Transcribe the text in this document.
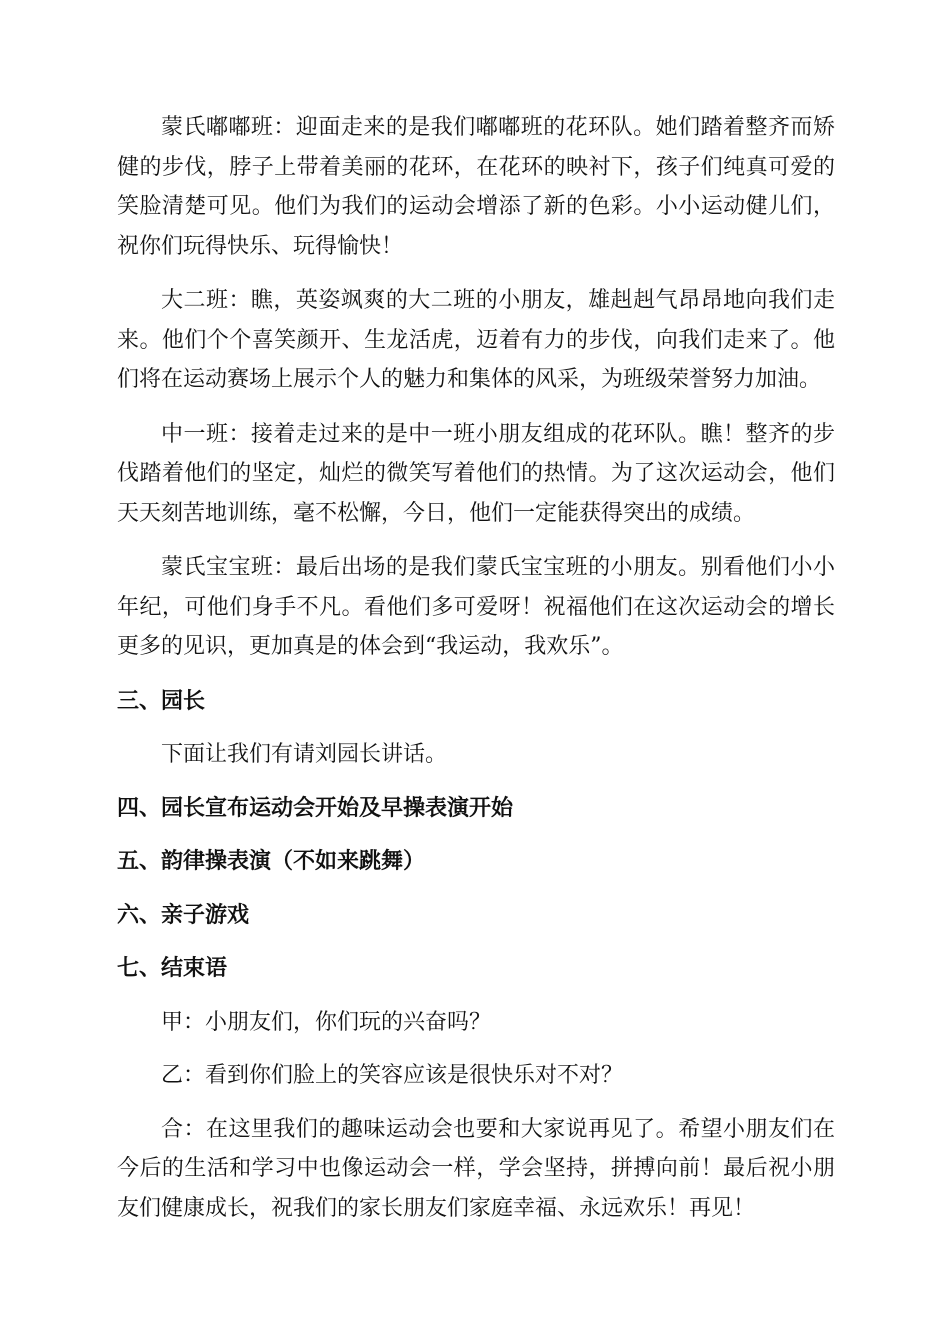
蒙氏嘟嘟班：迎面走来的是我们嘟嘟班的花环队。她们踏着整齐而矫健的步伐，脖子上带着美丽的花环，在花环的映衬下，孩子们纯真可爱的笑脸清楚可见。他们为我们的运动会增添了新的色彩。小小运动健儿们，祝你们玩得快乐、玩得愉快！

大二班：瞧，英姿飒爽的大二班的小朋友，雄赳赳气昂昂地向我们走来。他们个个喜笑颜开、生龙活虎，迈着有力的步伐，向我们走来了。他们将在运动赛场上展示个人的魅力和集体的风采，为班级荣誉努力加油。

中一班：接着走过来的是中一班小朋友组成的花环队。瞧！整齐的步伐踏着他们的坚定，灿烂的微笑写着他们的热情。为了这次运动会，他们天天刻苦地训练，毫不松懈，今日，他们一定能获得突出的成绩。

蒙氏宝宝班：最后出场的是我们蒙氏宝宝班的小朋友。别看他们小小年纪，可他们身手不凡。看他们多可爱呀！祝福他们在这次运动会的增长更多的见识，更加真是的体会到“我运动，我欢乐”。

三、园长

下面让我们有请刘园长讲话。

四、园长宣布运动会开始及早操表演开始
五、韵律操表演（不如来跳舞）
六、亲子游戏
七、结束语

甲：小朋友们，你们玩的兴奋吗？

乙：看到你们脸上的笑容应该是很快乐对不对？

合：在这里我们的趣味运动会也要和大家说再见了。希望小朋友们在今后的生活和学习中也像运动会一样，学会坚持，拼搏向前！最后祝小朋友们健康成长，祝我们的家长朋友们家庭幸福、永远欢乐！再见！
